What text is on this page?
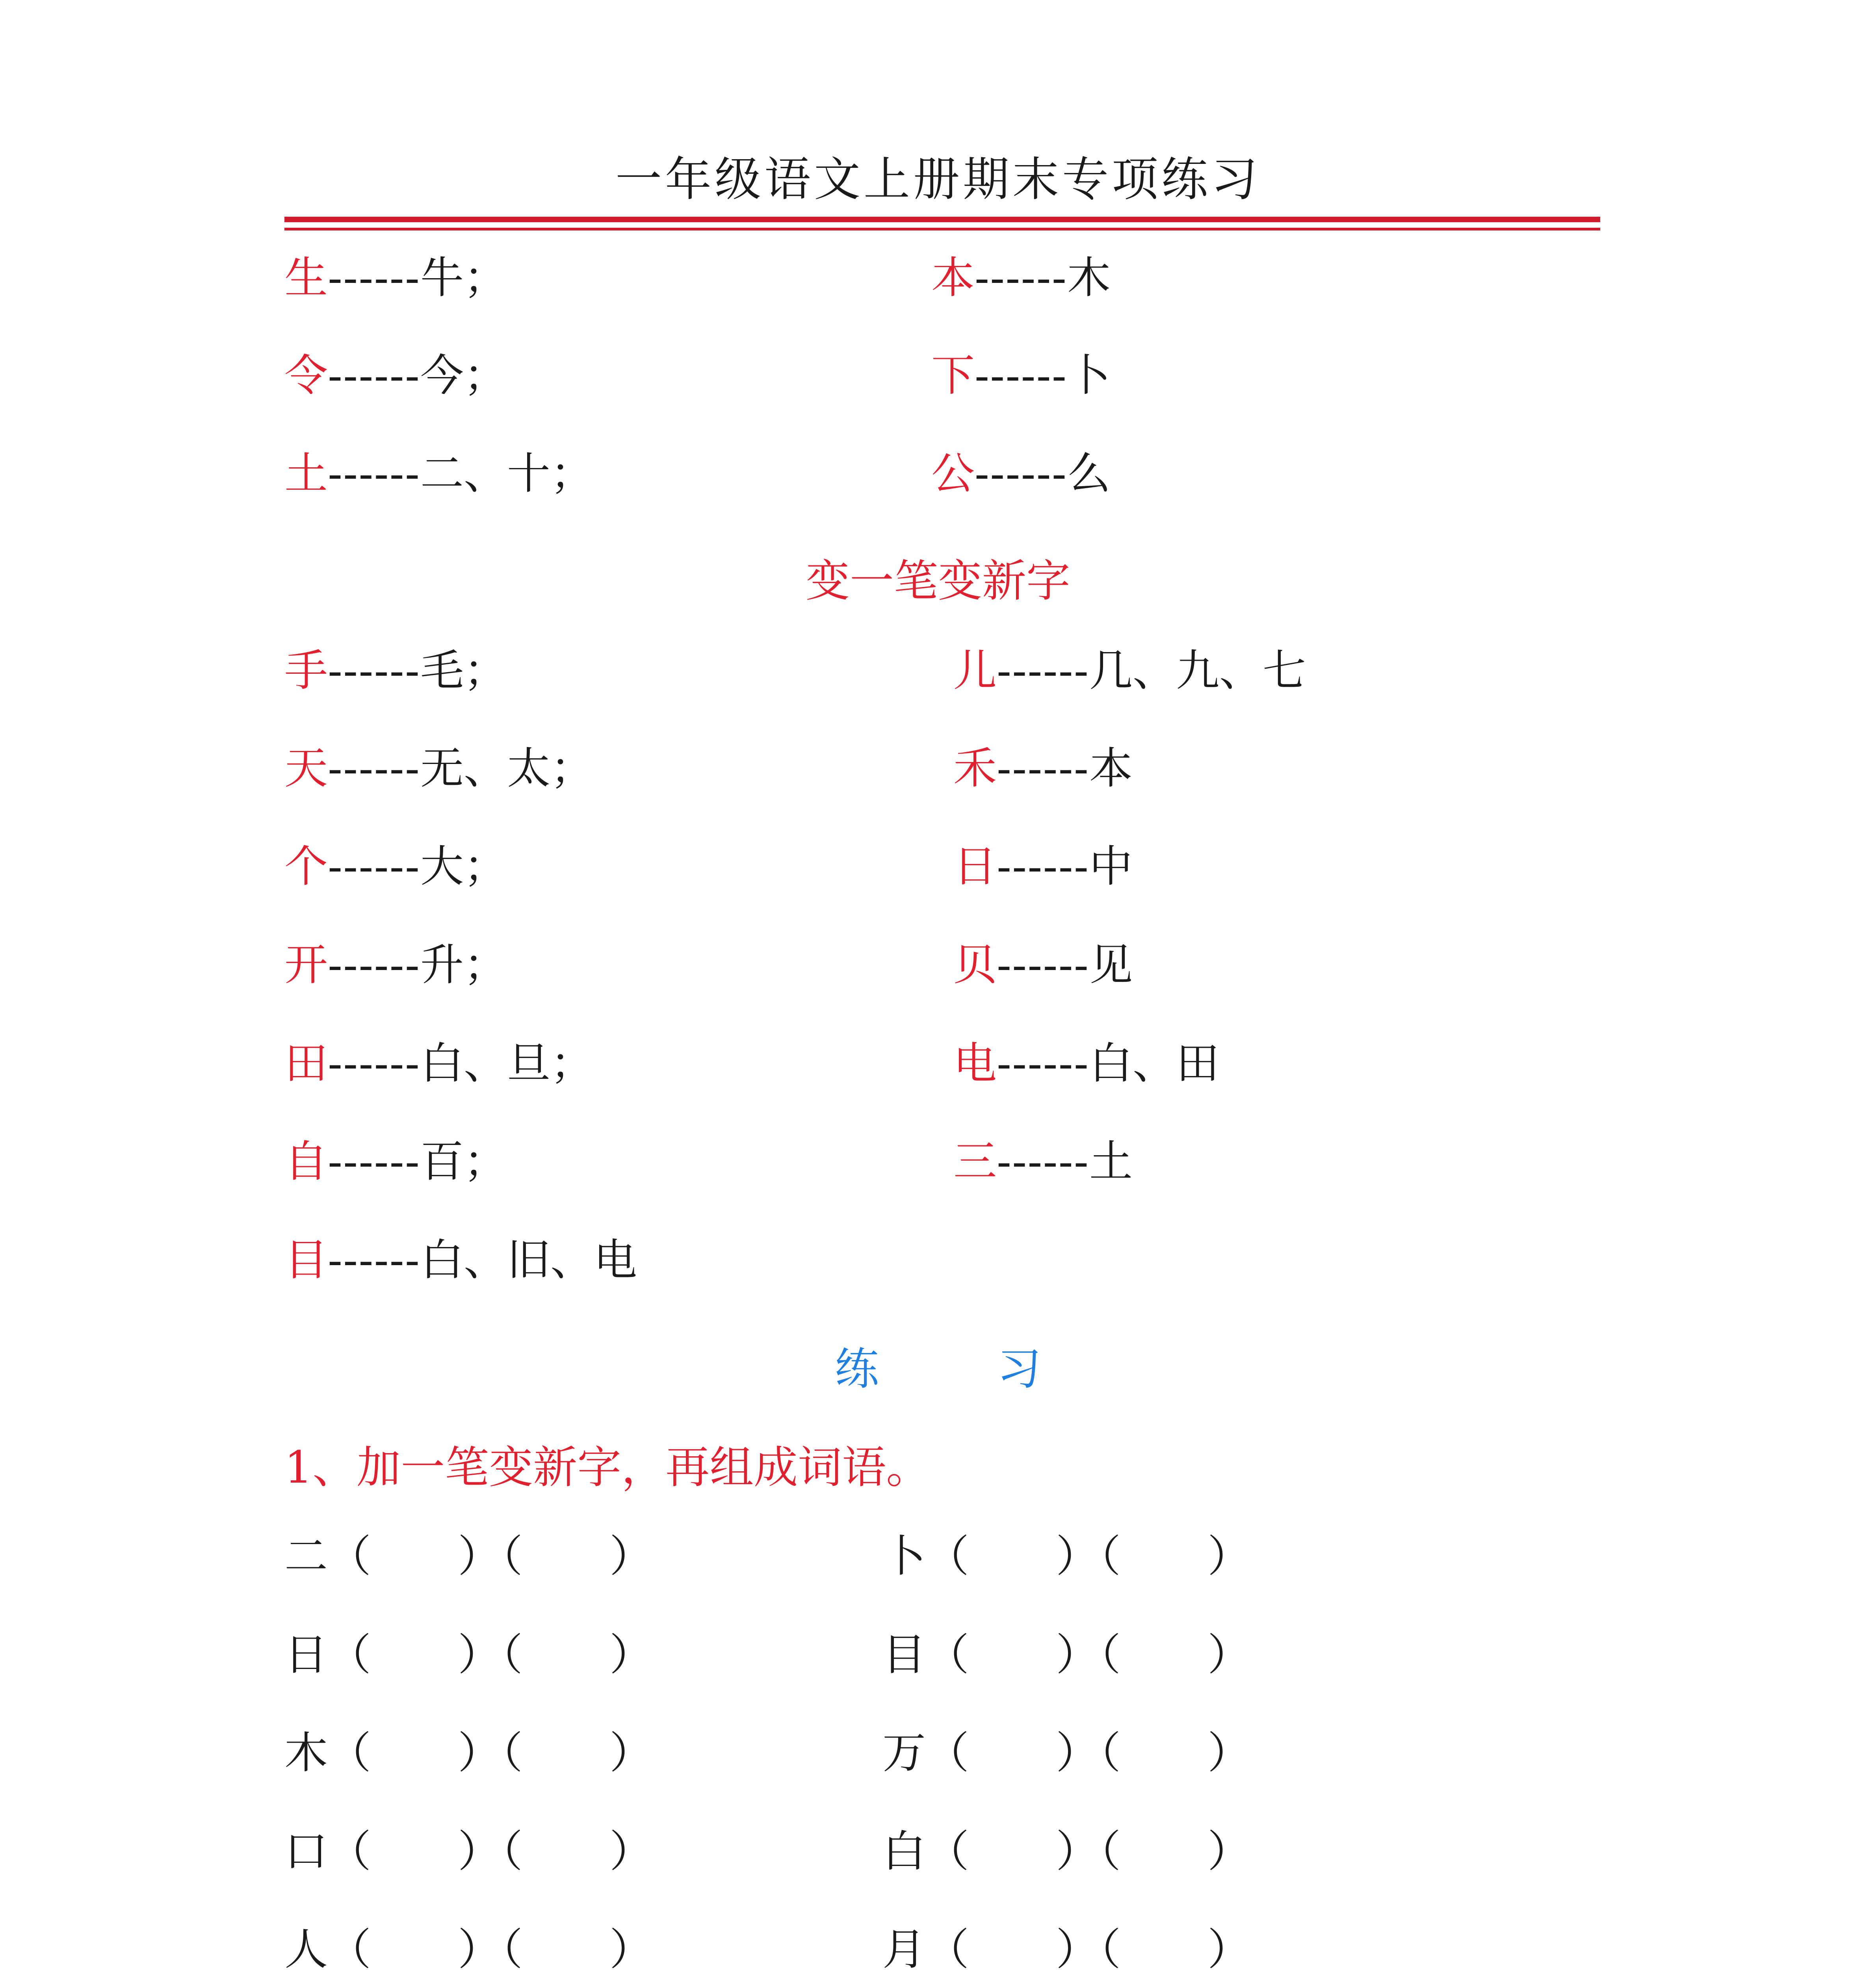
一年级语文上册期末专项练习
生------牛；	本------木
令------今；	下------卜
土------二、十；	公------么
变一笔变新字
手------毛；	儿------几、九、七
天------无、太；	禾------本
个------大；	日------中
开------升；	贝------见
田------白、旦；	电------白、田
自------百；	三------土
目------白、旧、电
练	习
1、加一笔变新字，再组成词语。
二（　　）（　　）	卜（　　）（　　）
日（　　）（　　）	目（　　）（　　）
木（　　）（　　）	万（　　）（　　）
口（　　）（　　）	白（　　）（　　）
人（　　）（　　）	月（　　）（　　）
